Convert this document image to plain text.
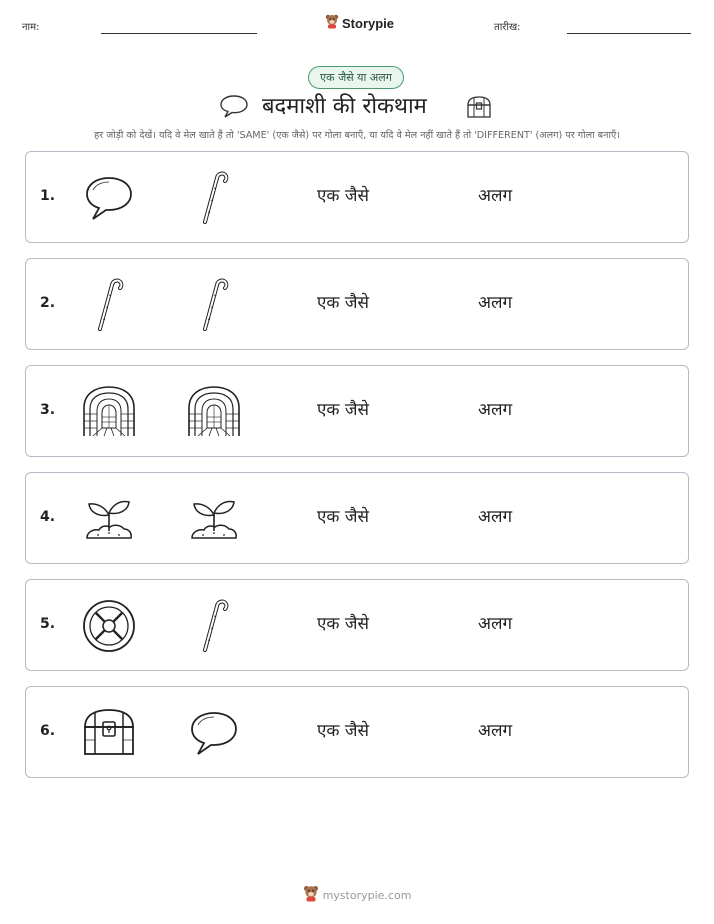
नाम:	Storypie	तारीख:
एक जैसे या अलग
बदमाशी की रोकथाम
हर जोड़ी को देखें। यदि वे मेल खाते हैं तो 'SAME' (एक जैसे) पर गोला बनाएँ, या यदि वे मेल नहीं खाते हैं तो 'DIFFERENT' (अलग) पर गोला बनाएँ।
1.	एक जैसे	अलग
2.	एक जैसे	अलग
3.	एक जैसे	अलग
4.	एक जैसे	अलग
5.	एक जैसे	अलग
6.	एक जैसे	अलग
mystorypie.com
